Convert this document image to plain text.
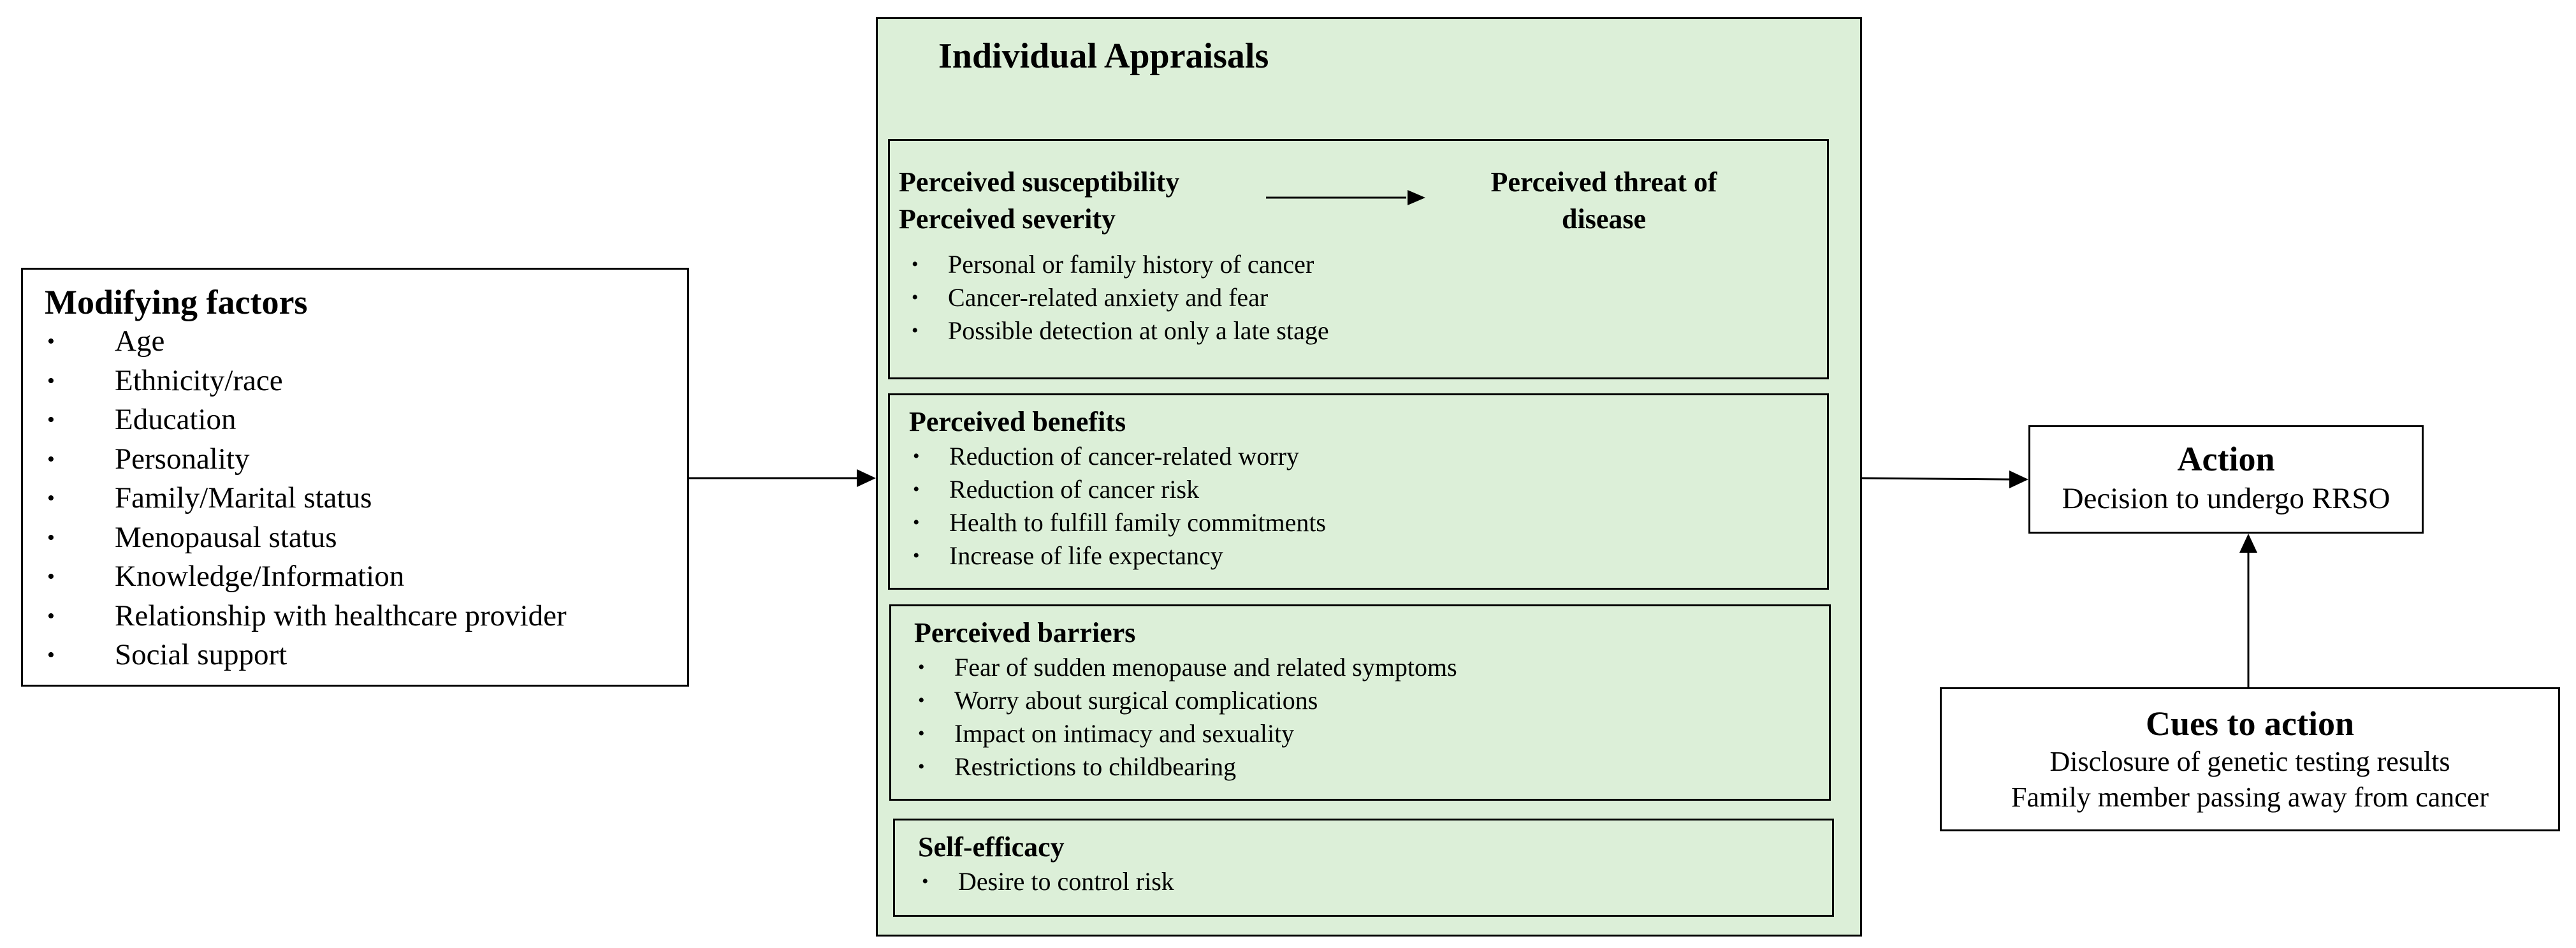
Modifying factors
• Age
• Ethnicity/race
• Education
• Personality
• Family/Marital status
• Menopausal status
• Knowledge/Information
• Relationship with healthcare provider
• Social support
Individual Appraisals
Perceived susceptibility
Perceived severity
Perceived threat of
disease
• Personal or family history of cancer
• Cancer-related anxiety and fear
• Possible detection at only a late stage
Perceived benefits
• Reduction of cancer-related worry
• Reduction of cancer risk
• Health to fulfill family commitments
• Increase of life expectancy
Perceived barriers
• Fear of sudden menopause and related symptoms
• Worry about surgical complications
• Impact on intimacy and sexuality
• Restrictions to childbearing
Self-efficacy
• Desire to control risk
Action
Decision to undergo RRSO
Cues to action
Disclosure of genetic testing results
Family member passing away from cancer
